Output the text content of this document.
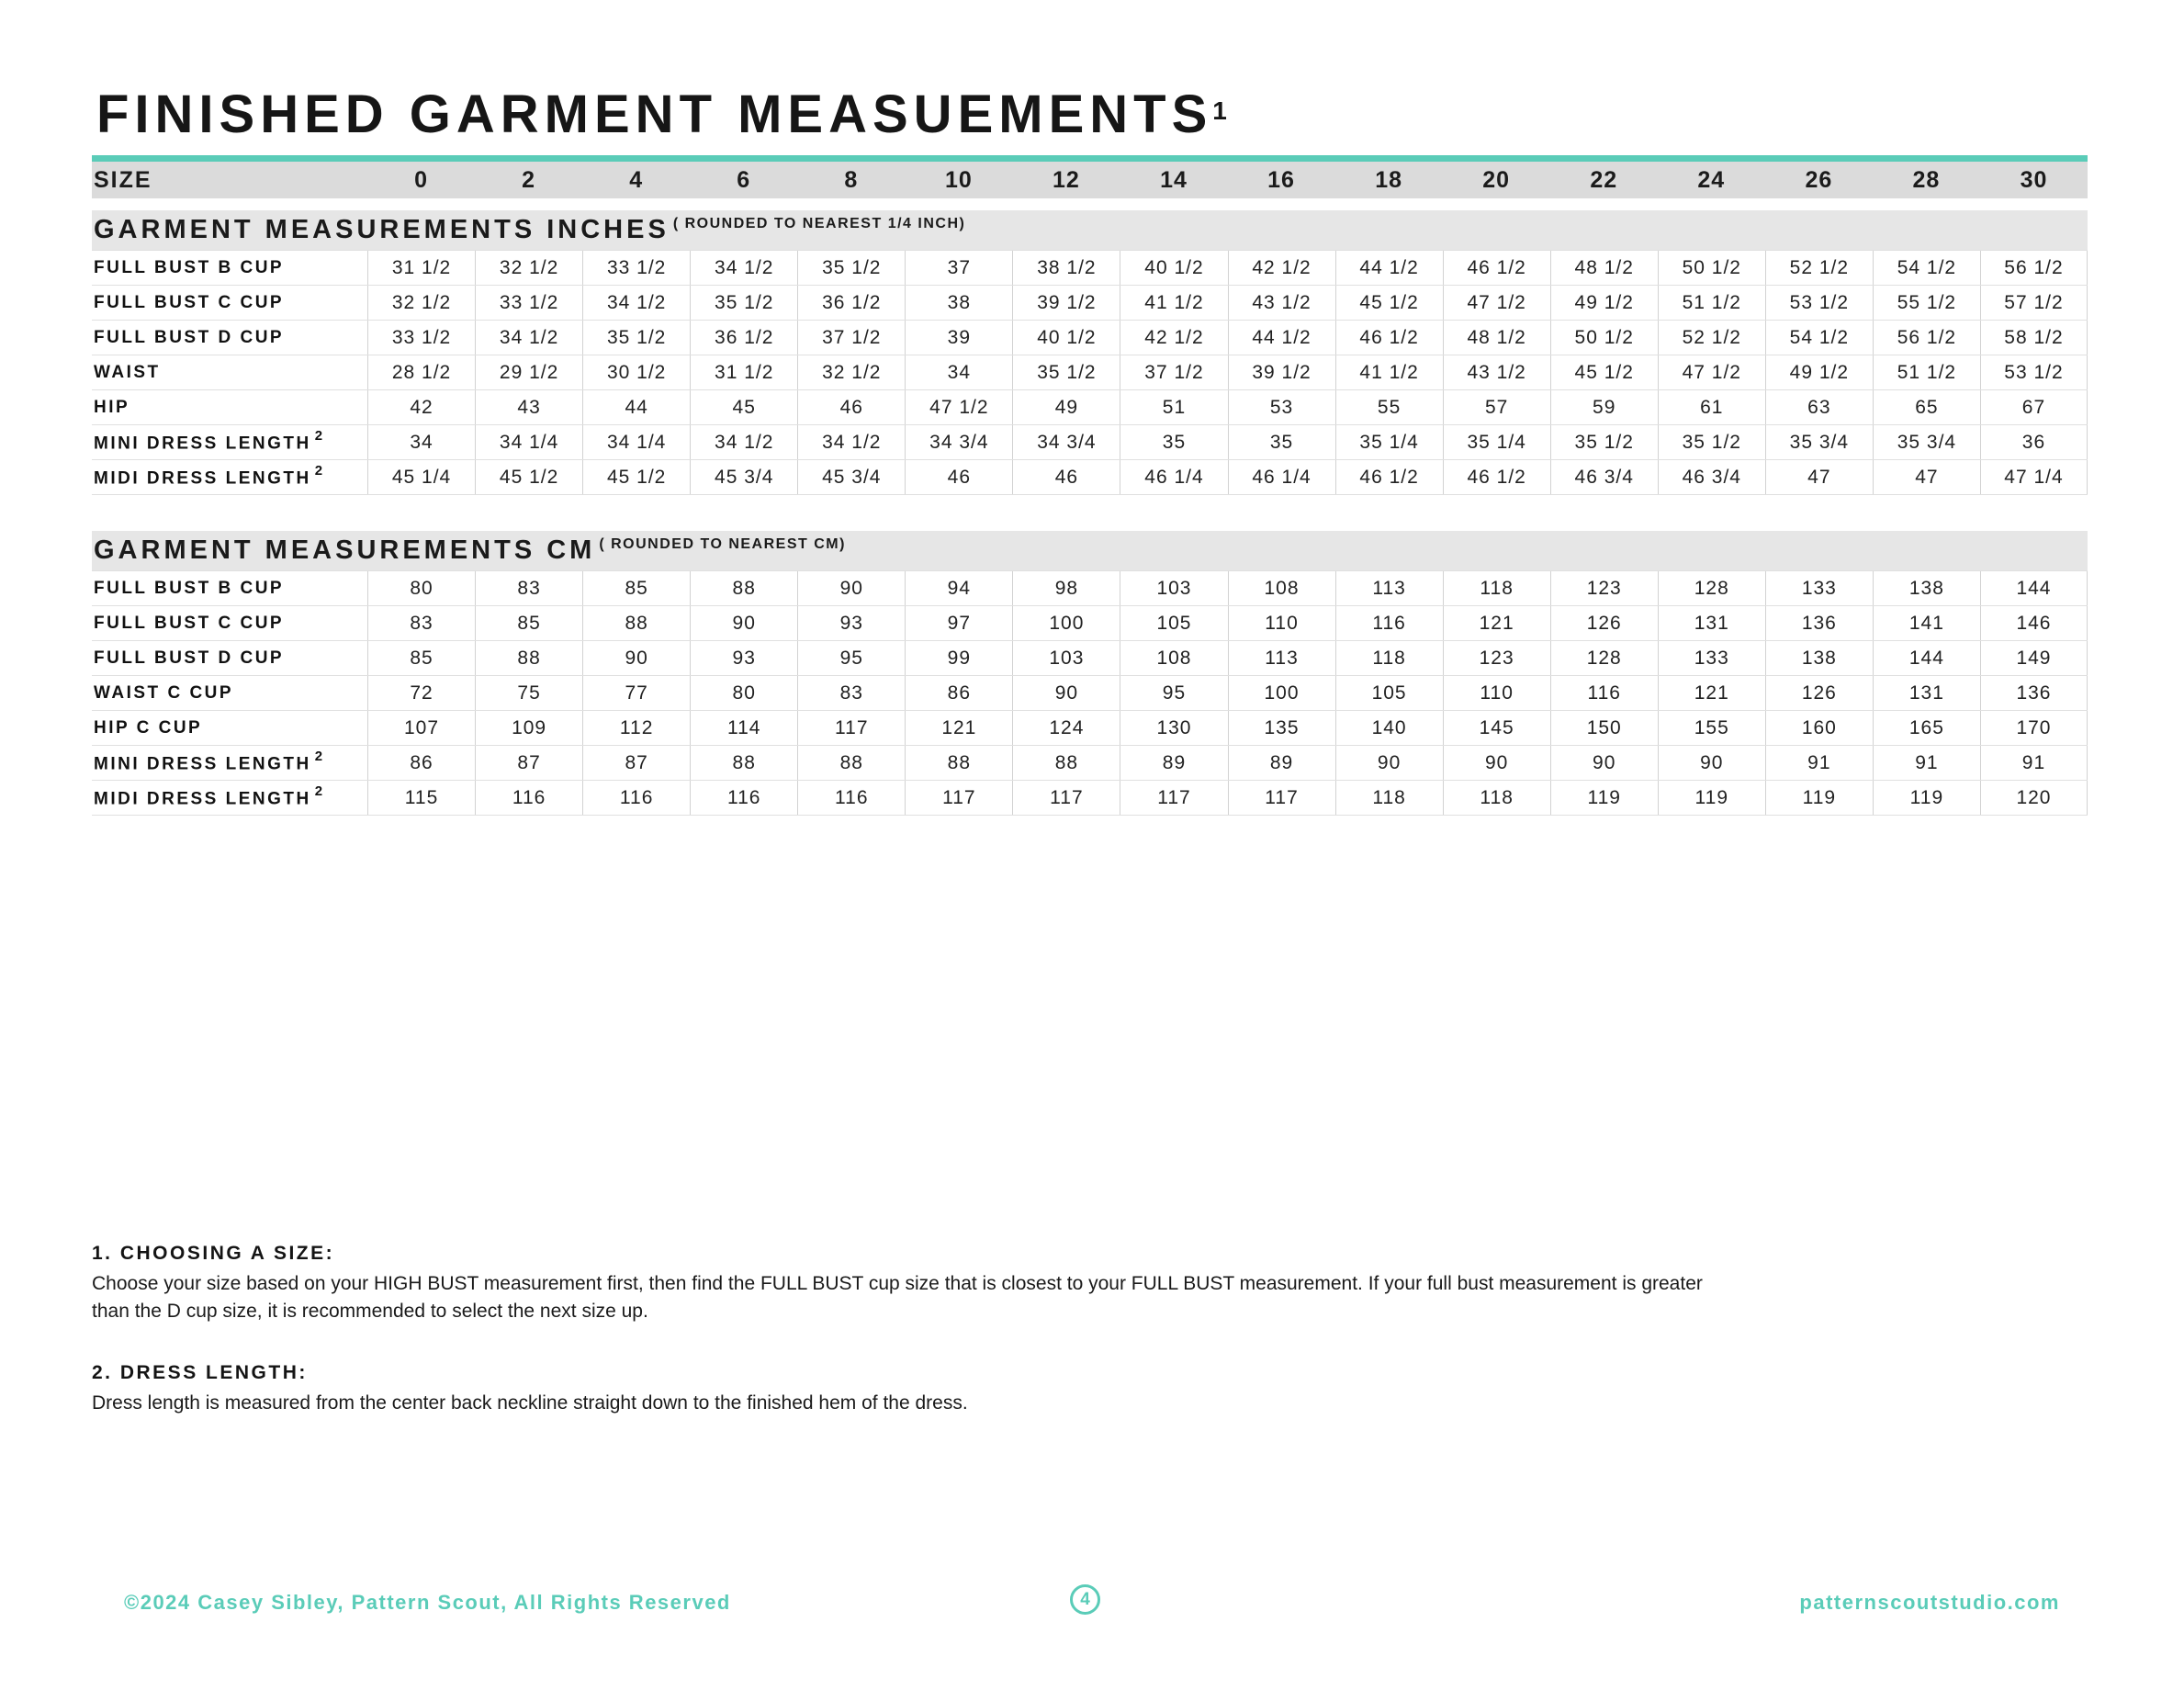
FINISHED GARMENT MEASUEMENTS$^1$
SIZE	0	2	4	6	8	10	12	14	16	18	20	22	24	26	28	30
GARMENT MEASUREMENTS INCHES ( ROUNDED TO NEAREST 1/4 INCH)
FULL BUST B CUP	31 1/2	32 1/2	33 1/2	34 1/2	35 1/2	37	38 1/2	40 1/2	42 1/2	44 1/2	46 1/2	48 1/2	50 1/2	52 1/2	54 1/2	56 1/2
FULL BUST C CUP	32 1/2	33 1/2	34 1/2	35 1/2	36 1/2	38	39 1/2	41 1/2	43 1/2	45 1/2	47 1/2	49 1/2	51 1/2	53 1/2	55 1/2	57 1/2
FULL BUST D CUP	33 1/2	34 1/2	35 1/2	36 1/2	37 1/2	39	40 1/2	42 1/2	44 1/2	46 1/2	48 1/2	50 1/2	52 1/2	54 1/2	56 1/2	58 1/2
WAIST	28 1/2	29 1/2	30 1/2	31 1/2	32 1/2	34	35 1/2	37 1/2	39 1/2	41 1/2	43 1/2	45 1/2	47 1/2	49 1/2	51 1/2	53 1/2
HIP	42	43	44	45	46	47 1/2	49	51	53	55	57	59	61	63	65	67
MINI DRESS LENGTH $^2$	34	34 1/4	34 1/4	34 1/2	34 1/2	34 3/4	34 3/4	35	35	35 1/4	35 1/4	35 1/2	35 1/2	35 3/4	35 3/4	36
MIDI DRESS LENGTH $^2$	45 1/4	45 1/2	45 1/2	45 3/4	45 3/4	46	46	46 1/4	46 1/4	46 1/2	46 1/2	46 3/4	46 3/4	47	47	47 1/4
GARMENT MEASUREMENTS CM ( ROUNDED TO NEAREST CM)
FULL BUST B CUP	80	83	85	88	90	94	98	103	108	113	118	123	128	133	138	144
FULL BUST C CUP	83	85	88	90	93	97	100	105	110	116	121	126	131	136	141	146
FULL BUST D CUP	85	88	90	93	95	99	103	108	113	118	123	128	133	138	144	149
WAIST C CUP	72	75	77	80	83	86	90	95	100	105	110	116	121	126	131	136
HIP C CUP	107	109	112	114	117	121	124	130	135	140	145	150	155	160	165	170
MINI DRESS LENGTH $^2$	86	87	87	88	88	88	88	89	89	90	90	90	90	91	91	91
MIDI DRESS LENGTH $^2$	115	116	116	116	116	117	117	117	117	118	118	119	119	119	119	120
1. CHOOSING A SIZE:

Choose your size based on your HIGH BUST measurement first, then find the FULL BUST cup size that is closest to your FULL BUST measurement. If your full bust measurement is greater than the D cup size, it is recommended to select the next size up.

2. DRESS LENGTH:

Dress length is measured from the center back neckline straight down to the finished hem of the dress.

©2024 Casey Sibley, Pattern Scout, All Rights Reserved	4	patternscoutstudio.com
